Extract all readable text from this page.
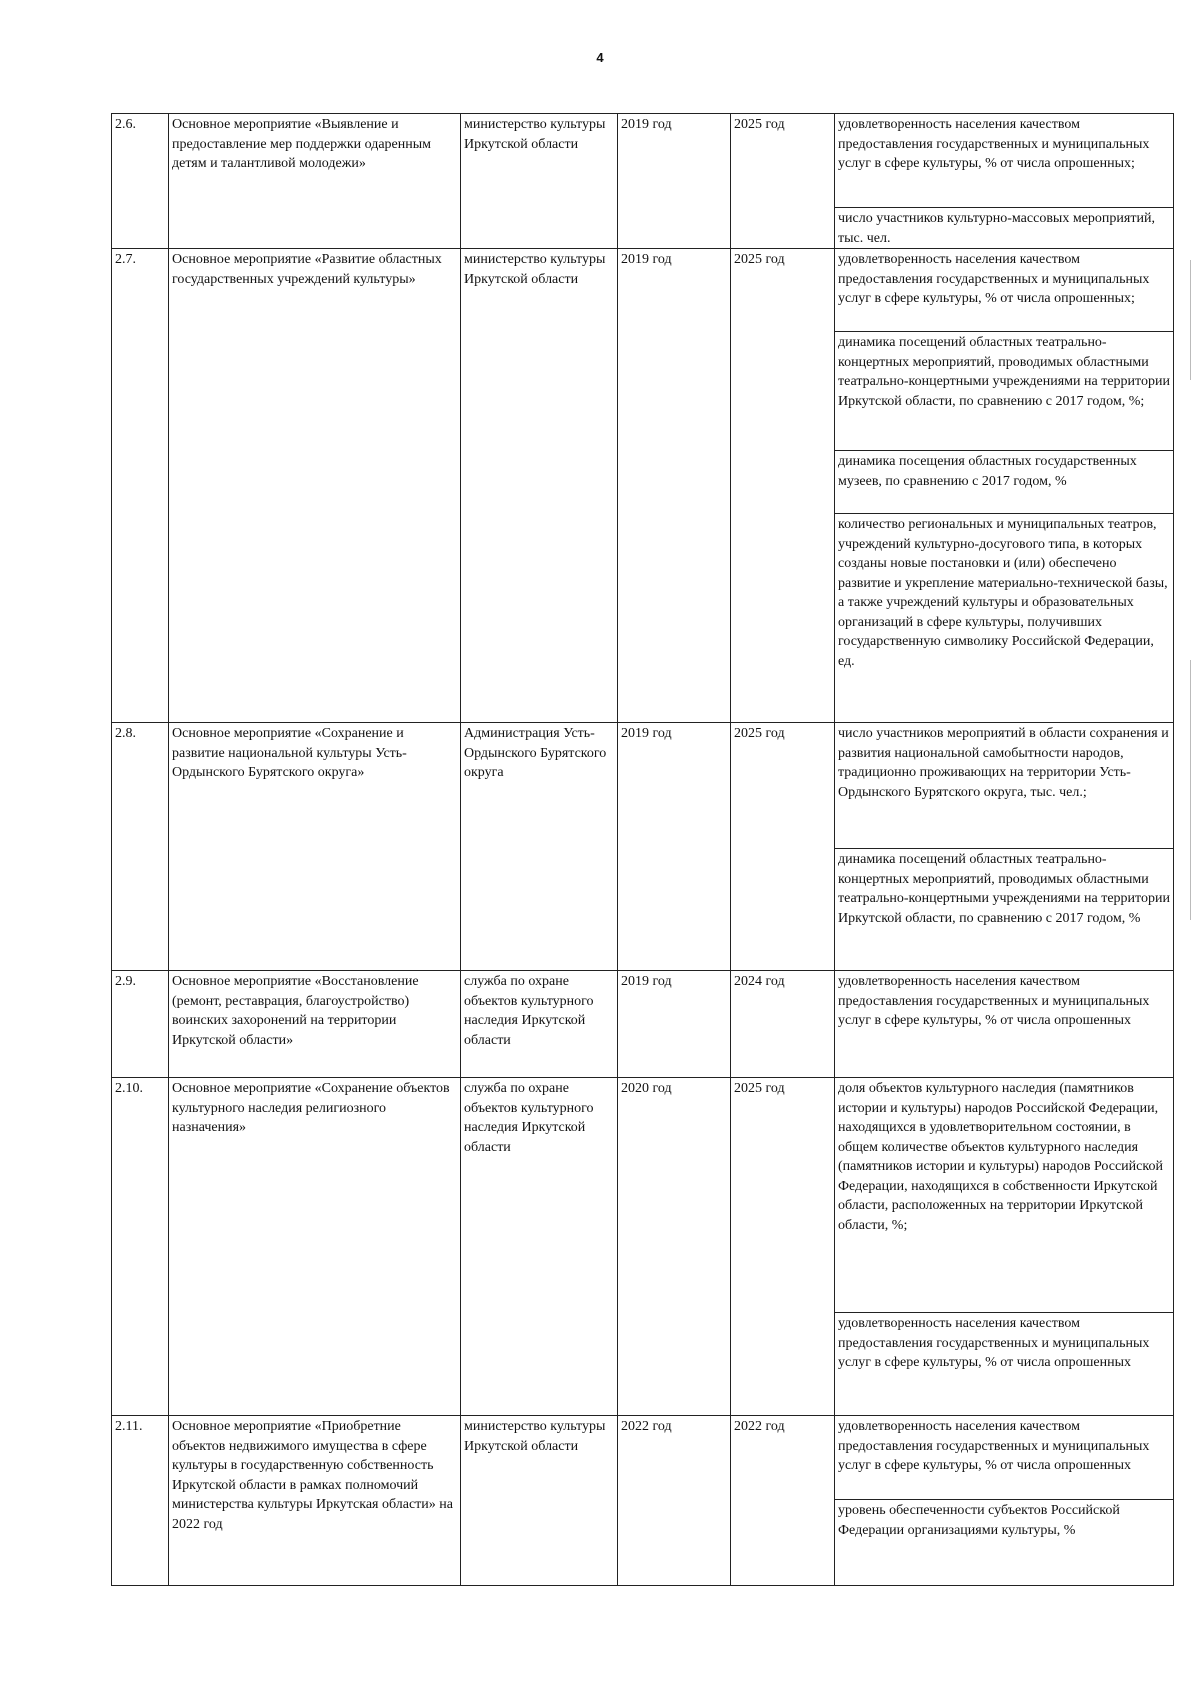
4
2.6.	Основное мероприятие «Выявление и предоставление мер поддержки одаренным детям и талантливой молодежи»	министерство культуры Иркутской области	2019 год	2025 год	удовлетворенность населения качеством предоставления государственных и муниципальных услуг в сфере культуры, % от числа опрошенных;
					число участников культурно-массовых мероприятий, тыс. чел.
2.7.	Основное мероприятие «Развитие областных государственных учреждений культуры»	министерство культуры Иркутской области	2019 год	2025 год	удовлетворенность населения качеством предоставления государственных и муниципальных услуг в сфере культуры, % от числа опрошенных;
					динамика посещений областных театрально-концертных мероприятий, проводимых областными театрально-концертными учреждениями на территории Иркутской области, по сравнению с 2017 годом, %;
					динамика посещения областных государственных музеев, по сравнению с 2017 годом, %
					количество региональных и муниципальных театров, учреждений культурно-досугового типа, в которых созданы новые постановки и (или) обеспечено развитие и укрепление материально-технической базы, а также учреждений культуры и образовательных организаций в сфере культуры, получивших государственную символику Российской Федерации, ед.
2.8.	Основное мероприятие «Сохранение и развитие национальной культуры Усть-Ордынского Бурятского округа»	Администрация Усть-Ордынского Бурятского округа	2019 год	2025 год	число участников мероприятий в области сохранения и развития национальной самобытности народов, традиционно проживающих на территории Усть-Ордынского Бурятского округа, тыс. чел.;
					динамика посещений областных театрально-концертных мероприятий, проводимых областными театрально-концертными учреждениями на территории Иркутской области, по сравнению с 2017 годом, %
2.9.	Основное мероприятие «Восстановление (ремонт, реставрация, благоустройство) воинских захоронений на территории Иркутской области»	служба по охране объектов культурного наследия Иркутской области	2019 год	2024 год	удовлетворенность населения качеством предоставления государственных и муниципальных услуг в сфере культуры, % от числа опрошенных
2.10.	Основное мероприятие «Сохранение объектов культурного наследия религиозного назначения»	служба по охране объектов культурного наследия Иркутской области	2020 год	2025 год	доля объектов культурного наследия (памятников истории и культуры) народов Российской Федерации, находящихся в удовлетворительном состоянии, в общем количестве объектов культурного наследия (памятников истории и культуры) народов Российской Федерации, находящихся в собственности Иркутской области, расположенных на территории Иркутской области, %;
					удовлетворенность населения качеством предоставления государственных и муниципальных услуг в сфере культуры, % от числа опрошенных
2.11.	Основное мероприятие «Приобретние объектов недвижимого имущества в сфере культуры в государственную собственность Иркутской области в рамках полномочий министерства культуры Иркутская области» на 2022 год	министерство культуры Иркутской области	2022 год	2022 год	удовлетворенность населения качеством предоставления государственных и муниципальных услуг в сфере культуры, % от числа опрошенных
					уровень обеспеченности субъектов Российской Федерации организациями культуры, %
